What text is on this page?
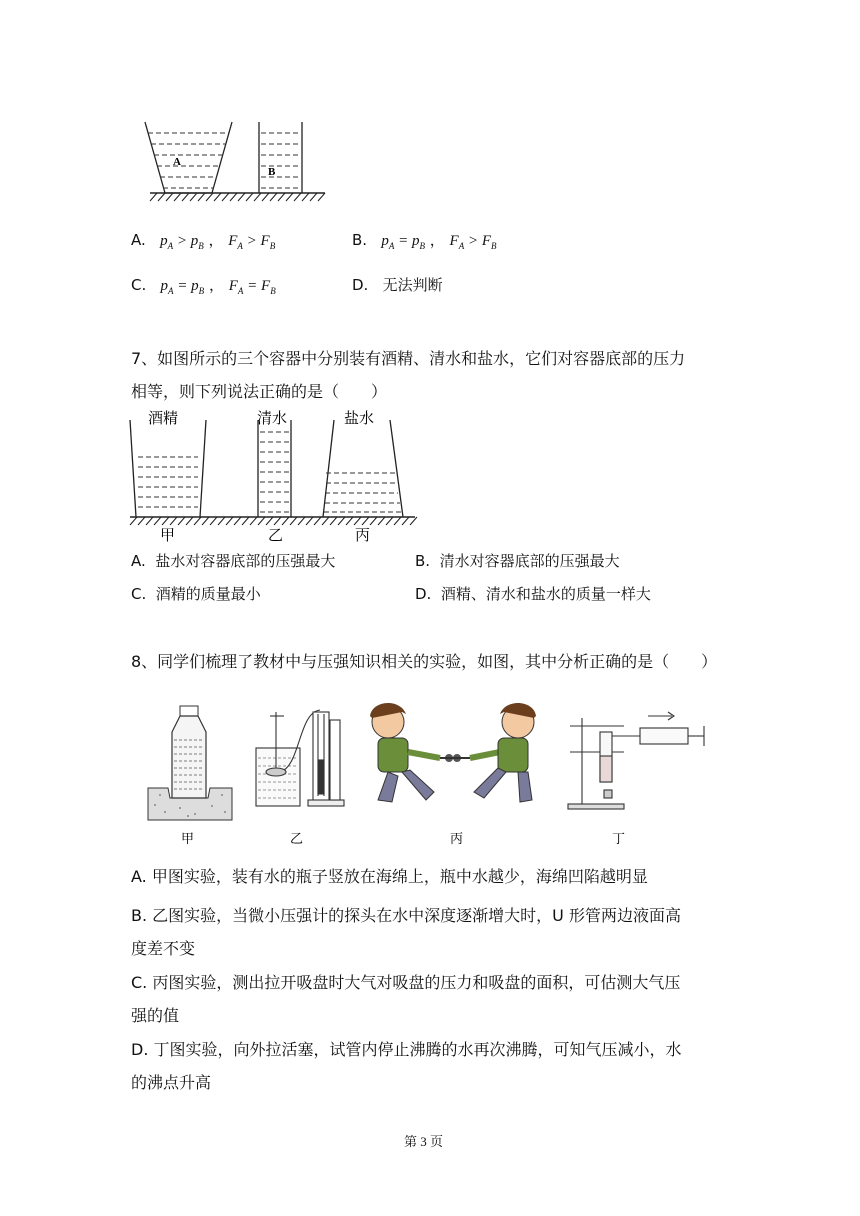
A
B
A.   $p_A > p_B$ ， $F_A > F_B$	B.   $p_A = p_B$ ， $F_A > F_B$
C.   $p_A = p_B$ ， $F_A = F_B$	D. 无法判断
7、如图所示的三个容器中分别装有酒精、清水和盐水，它们对容器底部的压力
相等，则下列说法正确的是（　　）
酒精	清水	盐水
甲	乙	丙
A. 盐水对容器底部的压强最大	B. 清水对容器底部的压强最大
C. 酒精的质量最小	D. 酒精、清水和盐水的质量一样大
8、同学们梳理了教材中与压强知识相关的实验，如图，其中分析正确的是（　　）
甲	乙	丙	丁
A. 甲图实验，装有水的瓶子竖放在海绵上，瓶中水越少，海绵凹陷越明显
B. 乙图实验，当微小压强计的探头在水中深度逐渐增大时，U 形管两边液面高
度差不变
C. 丙图实验，测出拉开吸盘时大气对吸盘的压力和吸盘的面积，可估测大气压
强的值
D. 丁图实验，向外拉活塞，试管内停止沸腾的水再次沸腾，可知气压减小，水
的沸点升高
第 3 页
